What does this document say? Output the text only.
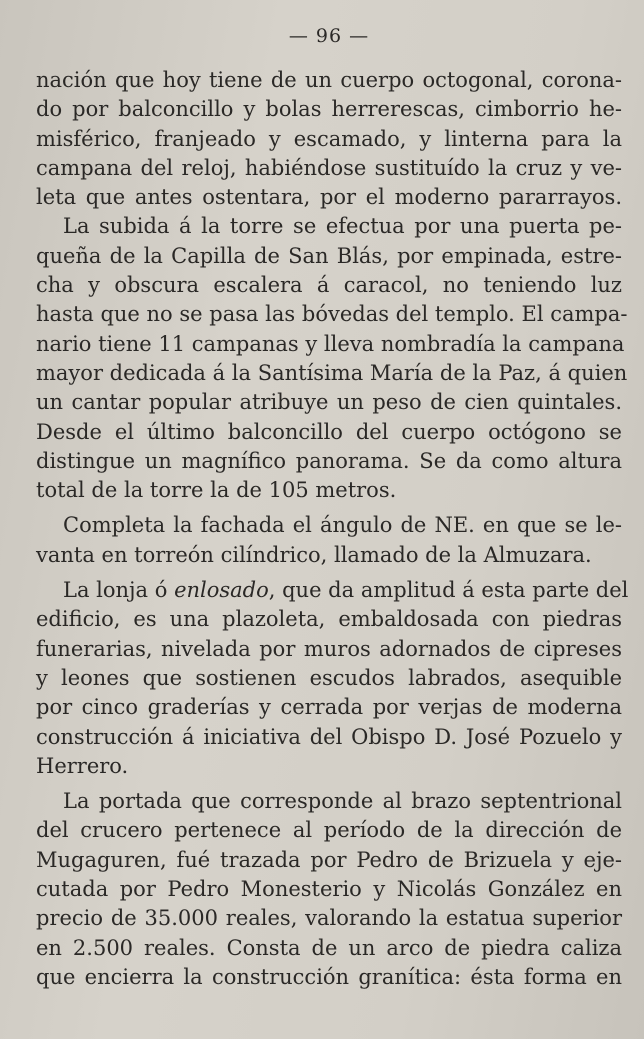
— 96 —

nación que hoy tiene de un cuerpo octogonal, corona-
do por balconcillo y bolas herrerescas, cimborrio he-
misférico, franjeado y escamado, y linterna para la
campana del reloj, habiéndose sustituído la cruz y ve-
leta que antes ostentara, por el moderno pararrayos.

La subida á la torre se efectua por una puerta pe-
queña de la Capilla de San Blás, por empinada, estre-
cha y obscura escalera á caracol, no teniendo luz
hasta que no se pasa las bóvedas del templo. El campa-
nario tiene 11 campanas y lleva nombradía la campana
mayor dedicada á la Santísima María de la Paz, á quien
un cantar popular atribuye un peso de cien quintales.
Desde el último balconcillo del cuerpo octógono se
distingue un magnífico panorama. Se da como altura
total de la torre la de 105 metros.

Completa la fachada el ángulo de NE. en que se le-
vanta en torreón cilíndrico, llamado de la Almuzara.

La lonja ó enlosado, que da amplitud á esta parte del
edificio, es una plazoleta, embaldosada con piedras
funerarias, nivelada por muros adornados de cipreses
y leones que sostienen escudos labrados, asequible
por cinco graderías y cerrada por verjas de moderna
construcción á iniciativa del Obispo D. José Pozuelo y
Herrero.

La portada que corresponde al brazo septentrional
del crucero pertenece al período de la dirección de
Mugaguren, fué trazada por Pedro de Brizuela y eje-
cutada por Pedro Monesterio y Nicolás González en
precio de 35.000 reales, valorando la estatua superior
en 2.500 reales. Consta de un arco de piedra caliza
que encierra la construcción granítica: ésta forma en
